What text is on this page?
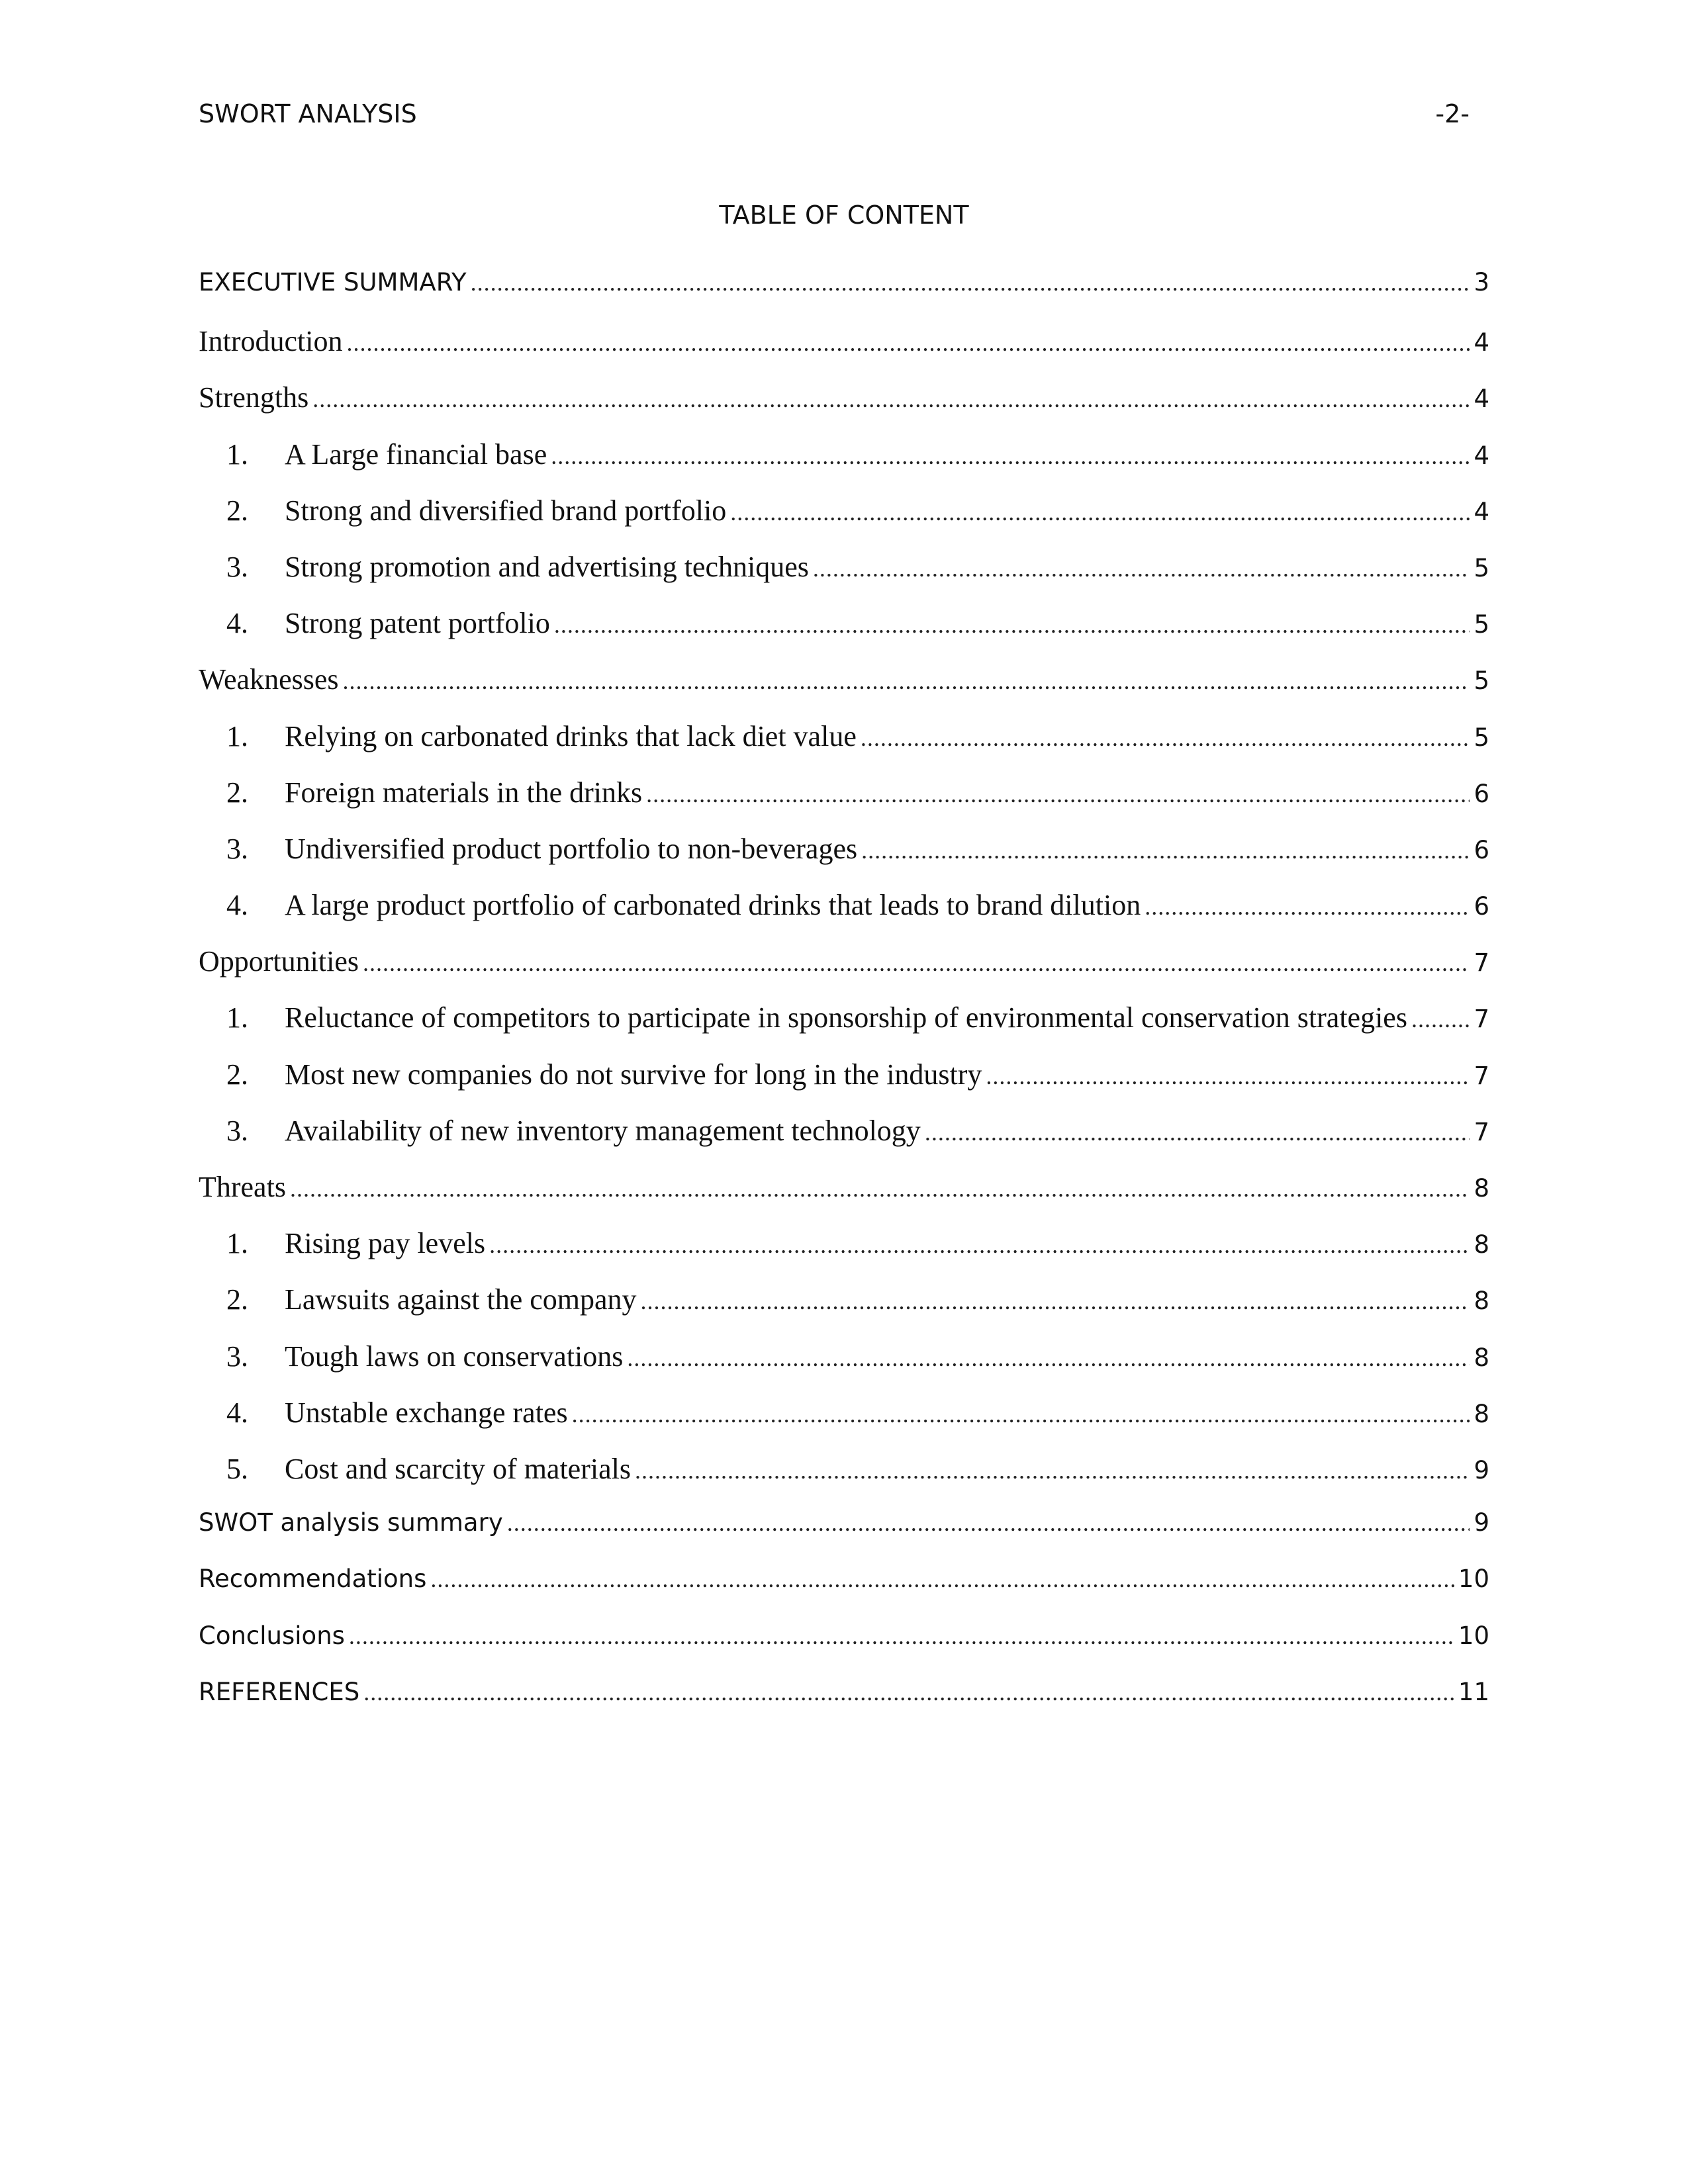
SWORT ANALYSIS	-2-
TABLE OF CONTENT
EXECUTIVE SUMMARY .....	3
Introduction .....	4
Strengths .....	4
1.	A Large financial base .....	4
2.	Strong and diversified brand portfolio .....	4
3.	Strong promotion and advertising techniques .....	5
4.	Strong patent portfolio .....	5
Weaknesses .....	5
1.	Relying on carbonated drinks that lack diet value .....	5
2.	Foreign materials in the drinks .....	6
3.	Undiversified product portfolio to non-beverages .....	6
4.	A large product portfolio of carbonated drinks that leads to brand dilution .....	6
Opportunities .....	7
1.	Reluctance of competitors to participate in sponsorship of environmental conservation strategies .....	7
2.	Most new companies do not survive for long in the industry .....	7
3.	Availability of new inventory management technology .....	7
Threats .....	8
1.	Rising pay levels .....	8
2.	Lawsuits against the company .....	8
3.	Tough laws on conservations .....	8
4.	Unstable exchange rates .....	8
5.	Cost and scarcity of materials .....	9
SWOT analysis summary .....	9
Recommendations .....	10
Conclusions .....	10
REFERENCES .....	11
